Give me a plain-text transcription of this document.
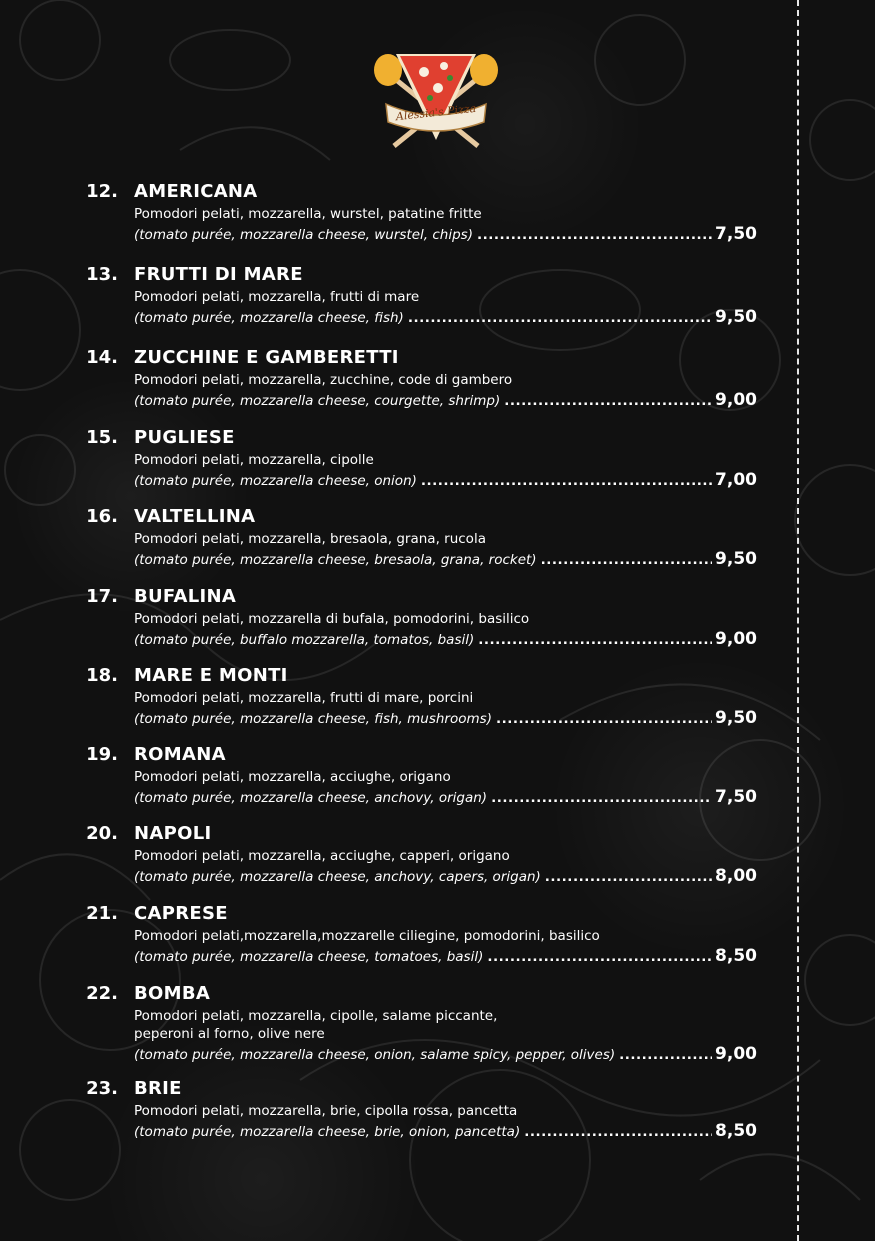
Alessia's Pizza
12. AMERICANA
Pomodori pelati, mozzarella, wurstel, patatine fritte
(tomato purée, mozzarella cheese, wurstel, chips) .....	7,50
13. FRUTTI DI MARE
Pomodori pelati, mozzarella, frutti di mare
(tomato purée, mozzarella cheese, fish) .....	9,50
14. ZUCCHINE E GAMBERETTI
Pomodori pelati, mozzarella, zucchine, code di gambero
(tomato purée, mozzarella cheese, courgette, shrimp) .....	9,00
15. PUGLIESE
Pomodori pelati, mozzarella, cipolle
(tomato purée, mozzarella cheese, onion) .....	7,00
16. VALTELLINA
Pomodori pelati, mozzarella, bresaola, grana, rucola
(tomato purée, mozzarella cheese, bresaola, grana, rocket) .....	9,50
17. BUFALINA
Pomodori pelati, mozzarella di bufala, pomodorini, basilico
(tomato purée, buffalo mozzarella, tomatos, basil) .....	9,00
18. MARE E MONTI
Pomodori pelati, mozzarella, frutti di mare, porcini
(tomato purée, mozzarella cheese, fish, mushrooms) .....	9,50
19. ROMANA
Pomodori pelati, mozzarella, acciughe, origano
(tomato purée, mozzarella cheese, anchovy, origan) .....	7,50
20. NAPOLI
Pomodori pelati, mozzarella, acciughe, capperi, origano
(tomato purée, mozzarella cheese, anchovy, capers, origan) .....	8,00
21. CAPRESE
Pomodori pelati,mozzarella,mozzarelle ciliegine, pomodorini, basilico
(tomato purée, mozzarella cheese, tomatoes, basil) .....	8,50
22. BOMBA
Pomodori pelati, mozzarella, cipolle, salame piccante,
peperoni al forno, olive nere
(tomato purée, mozzarella cheese, onion, salame spicy, pepper, olives) .....	9,00
23. BRIE
Pomodori pelati, mozzarella, brie, cipolla rossa, pancetta
(tomato purée, mozzarella cheese, brie, onion, pancetta) .....	8,50
